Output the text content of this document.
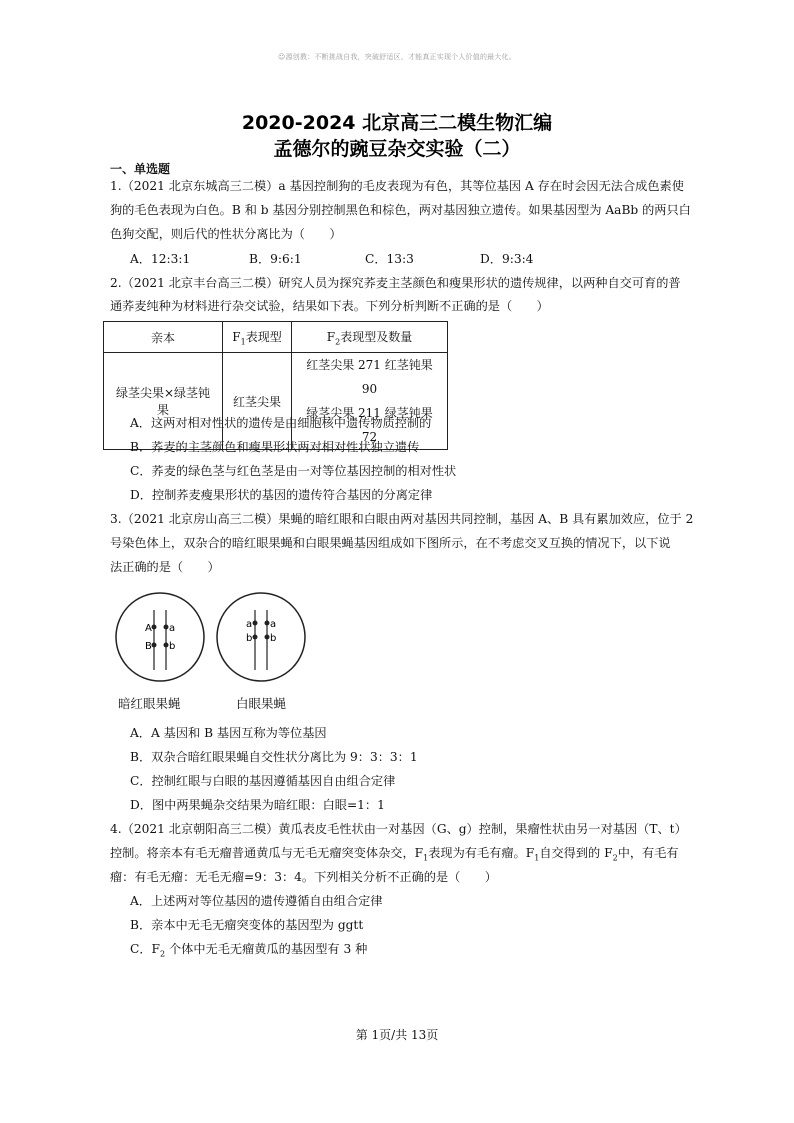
☺源创教：不断挑战自我，突破舒适区，才能真正实现个人价值的最大化。
2020-2024 北京高三二模生物汇编
孟德尔的豌豆杂交实验（二）
一、单选题
1.（2021 北京东城高三二模）a 基因控制狗的毛皮表现为有色，其等位基因 A 存在时会因无法合成色素使
狗的毛色表现为白色。B 和 b 基因分别控制黑色和棕色，两对基因独立遗传。如果基因型为 AaBb 的两只白
色狗交配，则后代的性状分离比为（　　）
A．12:3:1	B．9:6:1	C．13:3	D．9:3:4
2.（2021 北京丰台高三二模）研究人员为探究荞麦主茎颜色和瘦果形状的遗传规律，以两种自交可育的普
通荞麦纯种为材料进行杂交试验，结果如下表。下列分析判断不正确的是（　　）
亲本	$F_1$表现型	$F_2$表现型及数量
绿茎尖果×绿茎钝果	红茎尖果	红茎尖果 271 红茎钝果 90
绿茎尖果 211 绿茎钝果 72
A．这两对相对性状的遗传是由细胞核中遗传物质控制的
B．荞麦的主茎颜色和瘦果形状两对相对性状独立遗传
C．荞麦的绿色茎与红色茎是由一对等位基因控制的相对性状
D．控制荞麦瘦果形状的基因的遗传符合基因的分离定律
3.（2021 北京房山高三二模）果蝇的暗红眼和白眼由两对基因共同控制，基因 A、B 具有累加效应，位于 2
号染色体上，双杂合的暗红眼果蝇和白眼果蝇基因组成如下图所示，在不考虑交叉互换的情况下，以下说
法正确的是（　　）
A a
B b
a a
b b
暗红眼果蝇	白眼果蝇
A．A 基因和 B 基因互称为等位基因
B．双杂合暗红眼果蝇自交性状分离比为 9：3：3：1
C．控制红眼与白眼的基因遵循基因自由组合定律
D．图中两果蝇杂交结果为暗红眼：白眼=1：1
4.（2021 北京朝阳高三二模）黄瓜表皮毛性状由一对基因（G、g）控制，果瘤性状由另一对基因（T、t）
控制。将亲本有毛无瘤普通黄瓜与无毛无瘤突变体杂交，$F_1$表现为有毛有瘤。$F_1$自交得到的 $F_2$中，有毛有
瘤：有毛无瘤：无毛无瘤=9：3：4。下列相关分析不正确的是（　　）
A．上述两对等位基因的遗传遵循自由组合定律
B．亲本中无毛无瘤突变体的基因型为 ggtt
C．$F_2$ 个体中无毛无瘤黄瓜的基因型有 3 种
第 1页/共 13页
